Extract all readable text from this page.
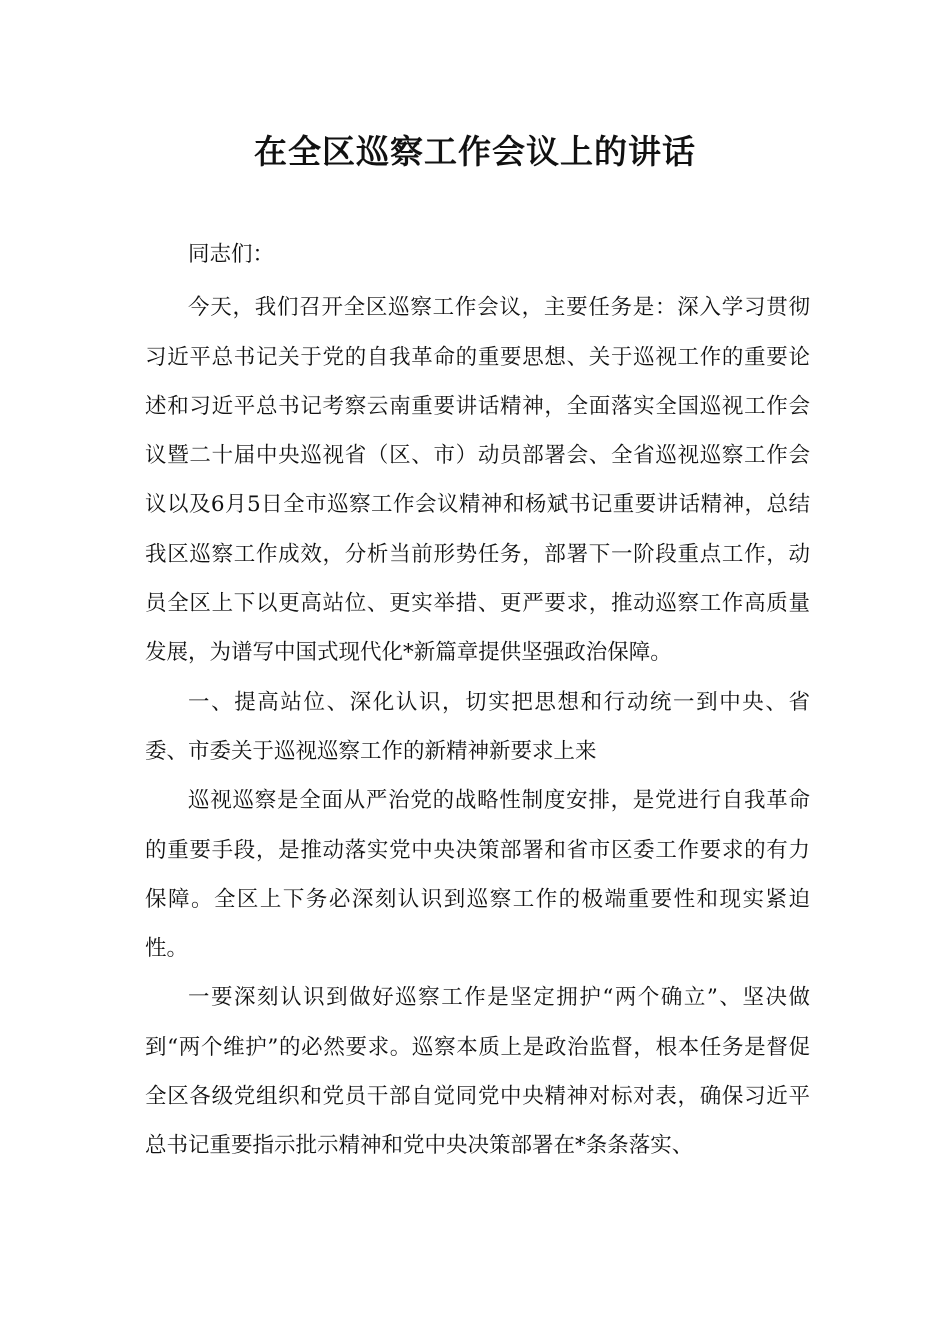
在全区巡察工作会议上的讲话

同志们：

今天，我们召开全区巡察工作会议，主要任务是：深入学习贯彻习近平总书记关于党的自我革命的重要思想、关于巡视工作的重要论述和习近平总书记考察云南重要讲话精神，全面落实全国巡视工作会议暨二十届中央巡视省（区、市）动员部署会、全省巡视巡察工作会议以及6月5日全市巡察工作会议精神和杨斌书记重要讲话精神，总结我区巡察工作成效，分析当前形势任务，部署下一阶段重点工作，动员全区上下以更高站位、更实举措、更严要求，推动巡察工作高质量发展，为谱写中国式现代化*新篇章提供坚强政治保障。

一、提高站位、深化认识，切实把思想和行动统一到中央、省委、市委关于巡视巡察工作的新精神新要求上来

巡视巡察是全面从严治党的战略性制度安排，是党进行自我革命的重要手段，是推动落实党中央决策部署和省市区委工作要求的有力保障。全区上下务必深刻认识到巡察工作的极端重要性和现实紧迫性。

一要深刻认识到做好巡察工作是坚定拥护“两个确立”、坚决做到“两个维护”的必然要求。巡察本质上是政治监督，根本任务是督促全区各级党组织和党员干部自觉同党中央精神对标对表，确保习近平总书记重要指示批示精神和党中央决策部署在*条条落实、
